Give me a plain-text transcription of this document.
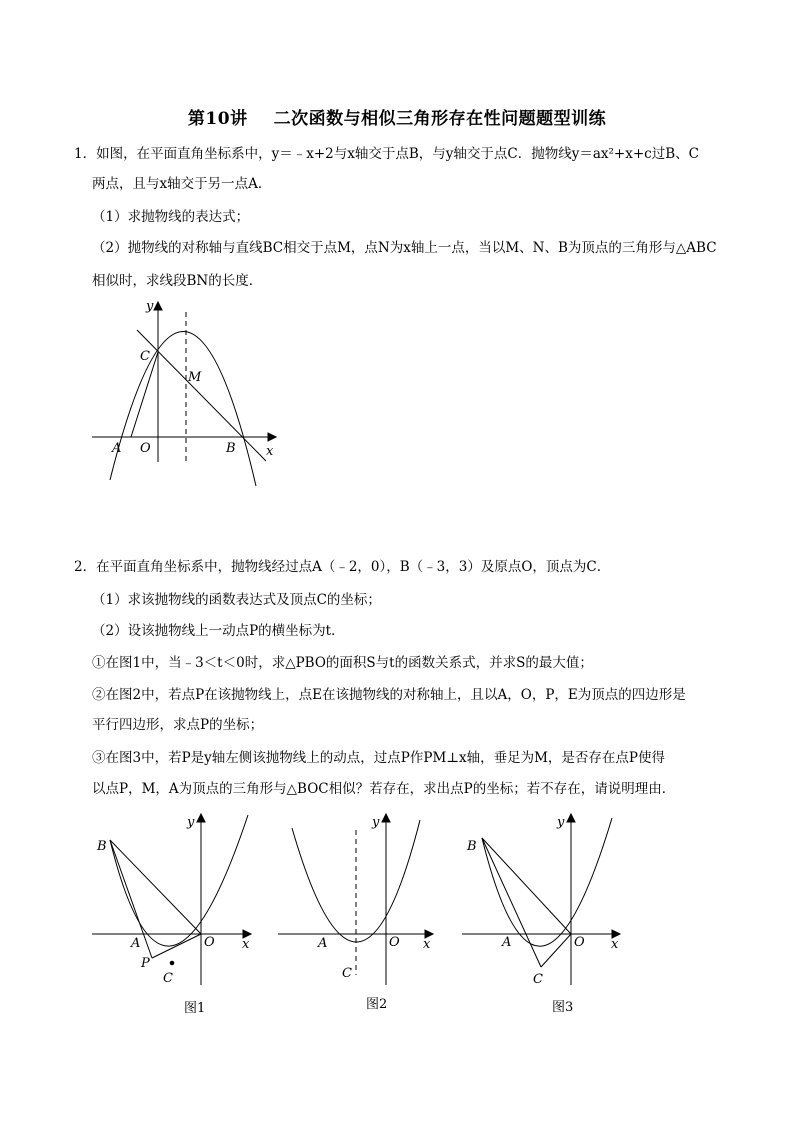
第10讲 二次函数与相似三角形存在性问题题型训练
1．如图，在平面直角坐标系中，y＝﹣x+2与x轴交于点B，与y轴交于点C．抛物线y＝ax²+x+c过B、C
两点，且与x轴交于另一点A．
（1）求抛物线的表达式；
（2）抛物线的对称轴与直线BC相交于点M，点N为x轴上一点，当以M、N、B为顶点的三角形与△ABC
相似时，求线段BN的长度．
y
x
C
M
A O	B
2．在平面直角坐标系中，抛物线经过点A（﹣2，0），B（﹣3，3）及原点O，顶点为C．
（1）求该抛物线的函数表达式及顶点C的坐标；
（2）设该抛物线上一动点P的横坐标为t．
①在图1中，当﹣3＜t＜0时，求△PBO的面积S与t的函数关系式，并求S的最大值；
②在图2中，若点P在该抛物线上，点E在该抛物线的对称轴上，且以A，O，P，E为顶点的四边形是
平行四边形，求点P的坐标；
③在图3中，若P是y轴左侧该抛物线上的动点，过点P作PM⊥x轴，垂足为M，是否存在点P使得
以点P，M，A为顶点的三角形与△BOC相似？若存在，求出点P的坐标；若不存在，请说明理由．
B
A	O x
y
P
C
A	O x
y
C
B
A	O x
y
C
图1	图2	图3
